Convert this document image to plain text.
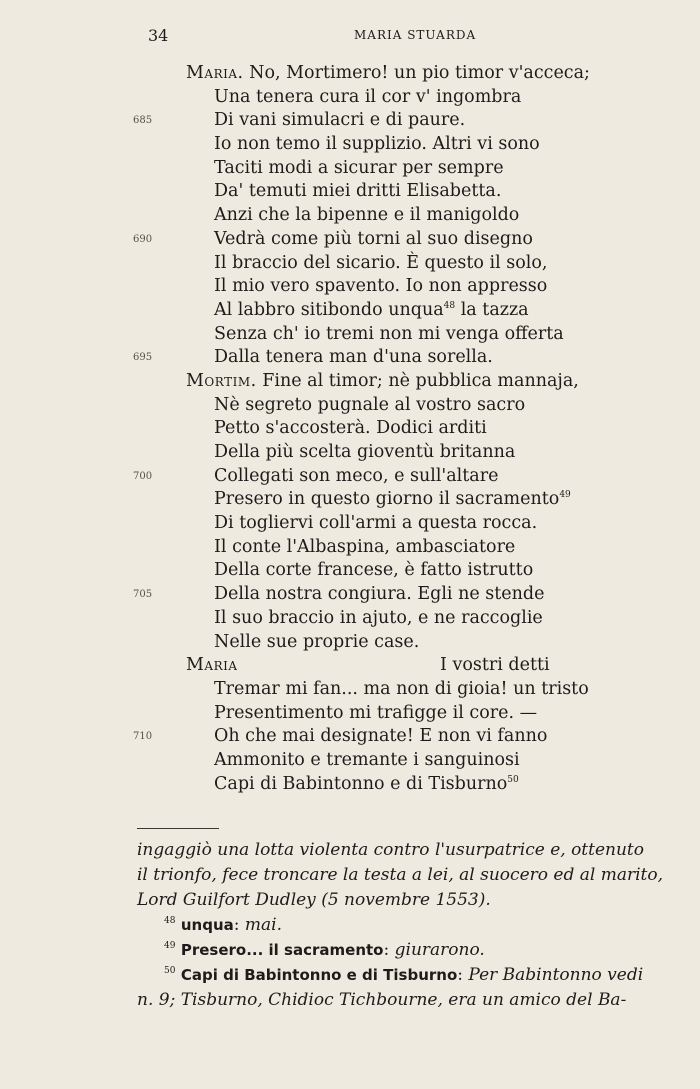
34	MARIA STUARDA
Maria. No, Mortimero! un pio timor v'acceca;
Una tenera cura il cor v' ingombra
685	Di vani simulacri e di paure.
Io non temo il supplizio. Altri vi sono
Taciti modi a sicurar per sempre
Da' temuti miei dritti Elisabetta.
Anzi che la bipenne e il manigoldo
690	Vedrà come più torni al suo disegno
Il braccio del sicario. È questo il solo,
Il mio vero spavento. Io non appresso
Al labbro sitibondo unqua$^{48}$ la tazza
Senza ch' io tremi non mi venga offerta
695	Dalla tenera man d'una sorella.
Mortim. Fine al timor; nè pubblica mannaja,
Nè segreto pugnale al vostro sacro
Petto s'accosterà. Dodici arditi
Della più scelta gioventù britanna
700	Collegati son meco, e sull'altare
Presero in questo giorno il sacramento$^{49}$
Di togliervi coll'armi a questa rocca.
Il conte l'Albaspina, ambasciatore
Della corte francese, è fatto istrutto
705	Della nostra congiura. Egli ne stende
Il suo braccio in ajuto, e ne raccoglie
Nelle sue proprie case.
Maria	I vostri detti
Tremar mi fan... ma non di gioia! un tristo
Presentimento mi trafigge il core. —
710	Oh che mai designate! E non vi fanno
Ammonito e tremante i sanguinosi
Capi di Babintonno e di Tisburno$^{50}$
ingaggiò una lotta violenta contro l'usurpatrice e, ottenuto
il trionfo, fece troncare la testa a lei, al suocero ed al marito,
Lord Guilfort Dudley (5 novembre 1553).
$^{48}$ unqua: mai.
$^{49}$ Presero... il sacramento: giurarono.
$^{50}$ Capi di Babintonno e di Tisburno: Per Babintonno vedi
n. 9; Tisburno, Chidioc Tichbourne, era un amico del Ba-
